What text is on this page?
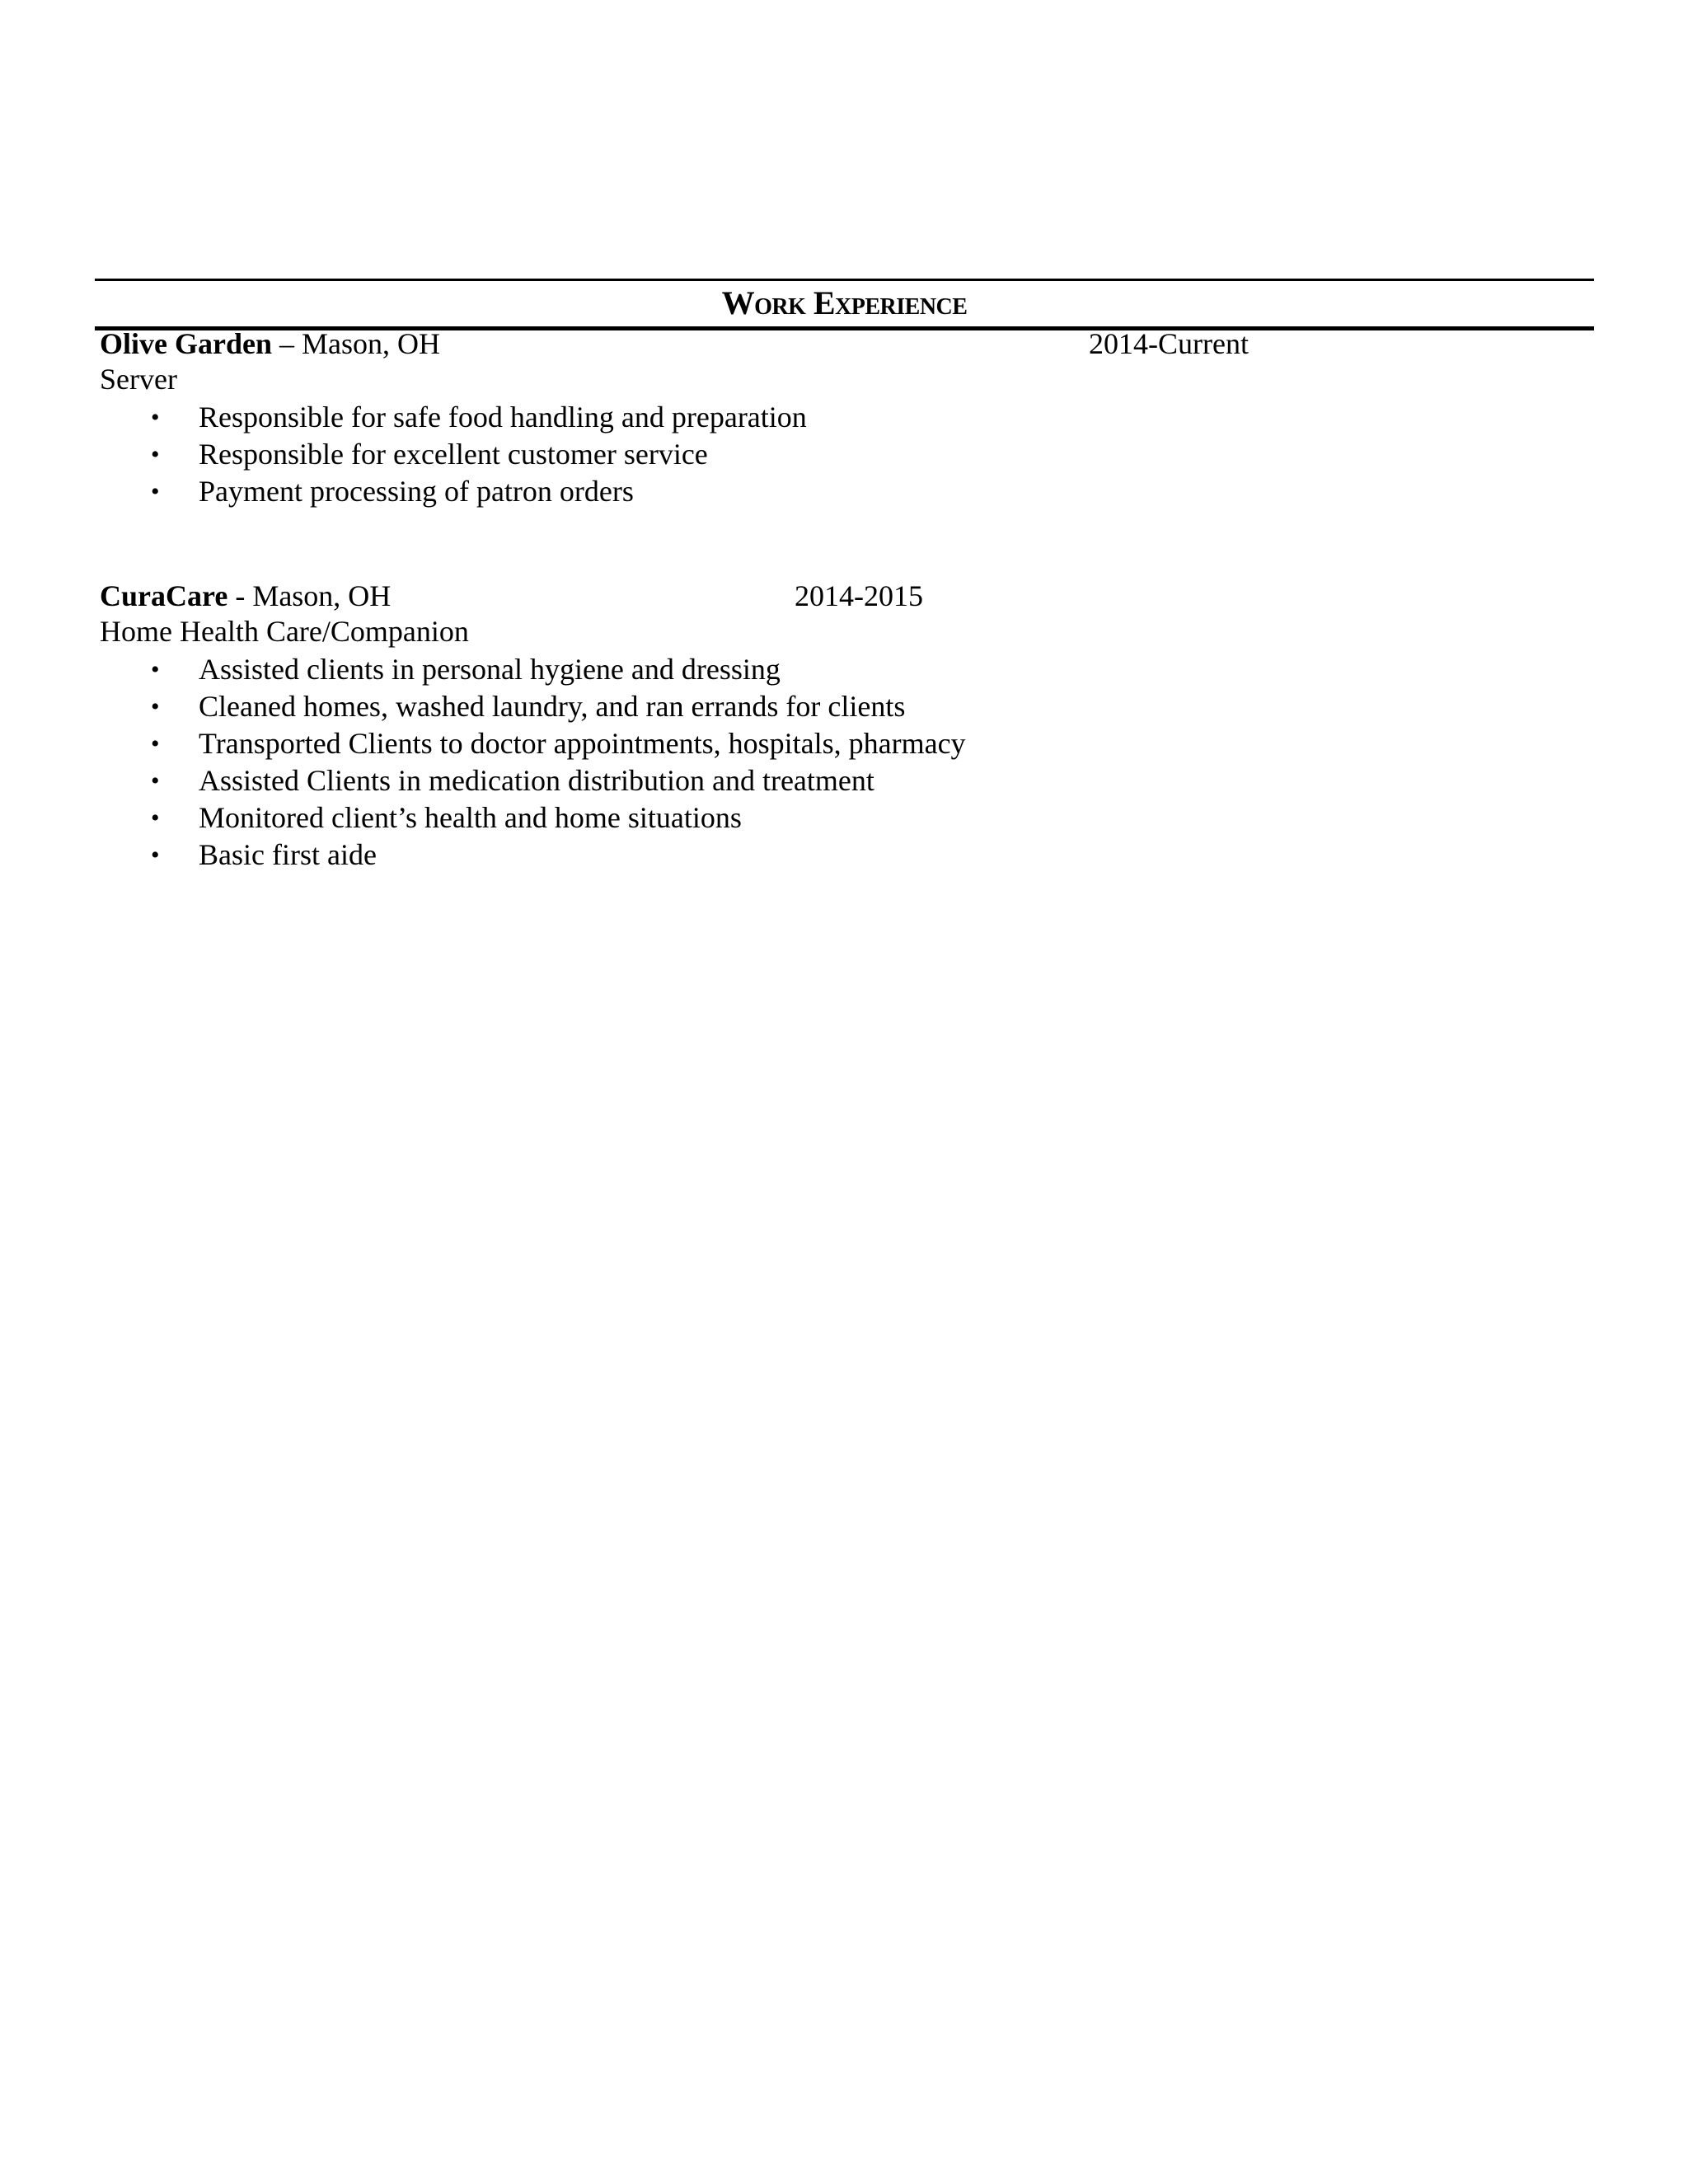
Work Experience
Olive Garden – Mason, OH	2014-Current
Server
• Responsible for safe food handling and preparation
• Responsible for excellent customer service
• Payment processing of patron orders
CuraCare - Mason, OH	2014-2015
Home Health Care/Companion
• Assisted clients in personal hygiene and dressing
• Cleaned homes, washed laundry, and ran errands for clients
• Transported Clients to doctor appointments, hospitals, pharmacy
• Assisted Clients in medication distribution and treatment
• Monitored client’s health and home situations
• Basic first aide
